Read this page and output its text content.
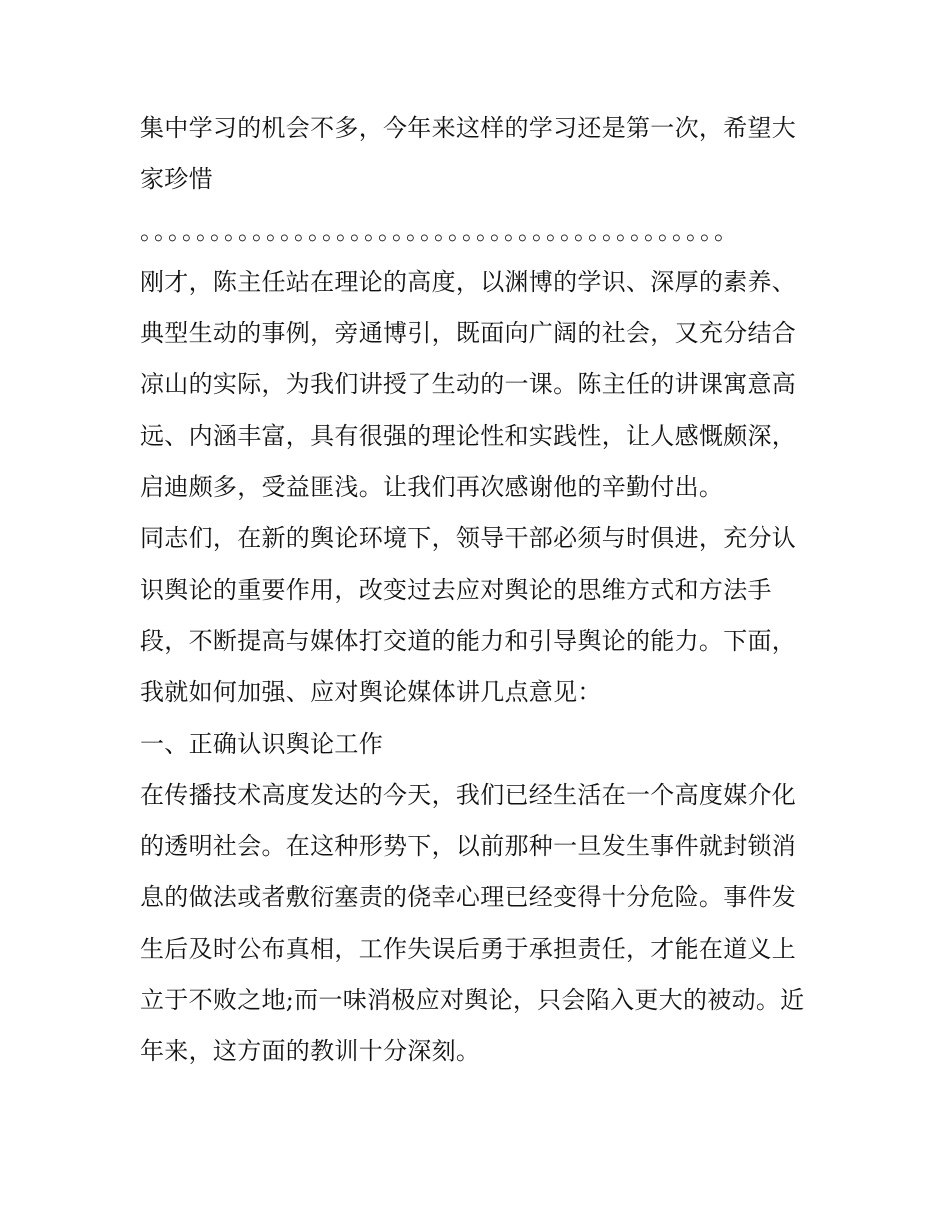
集中学习的机会不多，今年来这样的学习还是第一次，希望大家珍惜

。。。。。。。。。。。。。。。。。。。。。。。。。。。。。。。。。。。。。。。。。。

刚才，陈主任站在理论的高度，以渊博的学识、深厚的素养、典型生动的事例，旁通博引，既面向广阔的社会，又充分结合凉山的实际，为我们讲授了生动的一课。陈主任的讲课寓意高远、内涵丰富，具有很强的理论性和实践性，让人感慨颇深，启迪颇多，受益匪浅。让我们再次感谢他的辛勤付出。

同志们，在新的舆论环境下，领导干部必须与时俱进，充分认识舆论的重要作用，改变过去应对舆论的思维方式和方法手段，不断提高与媒体打交道的能力和引导舆论的能力。下面，我就如何加强、应对舆论媒体讲几点意见：

一、正确认识舆论工作

在传播技术高度发达的今天，我们已经生活在一个高度媒介化的透明社会。在这种形势下，以前那种一旦发生事件就封锁消息的做法或者敷衍塞责的侥幸心理已经变得十分危险。事件发生后及时公布真相，工作失误后勇于承担责任，才能在道义上立于不败之地;而一味消极应对舆论，只会陷入更大的被动。近年来，这方面的教训十分深刻。
